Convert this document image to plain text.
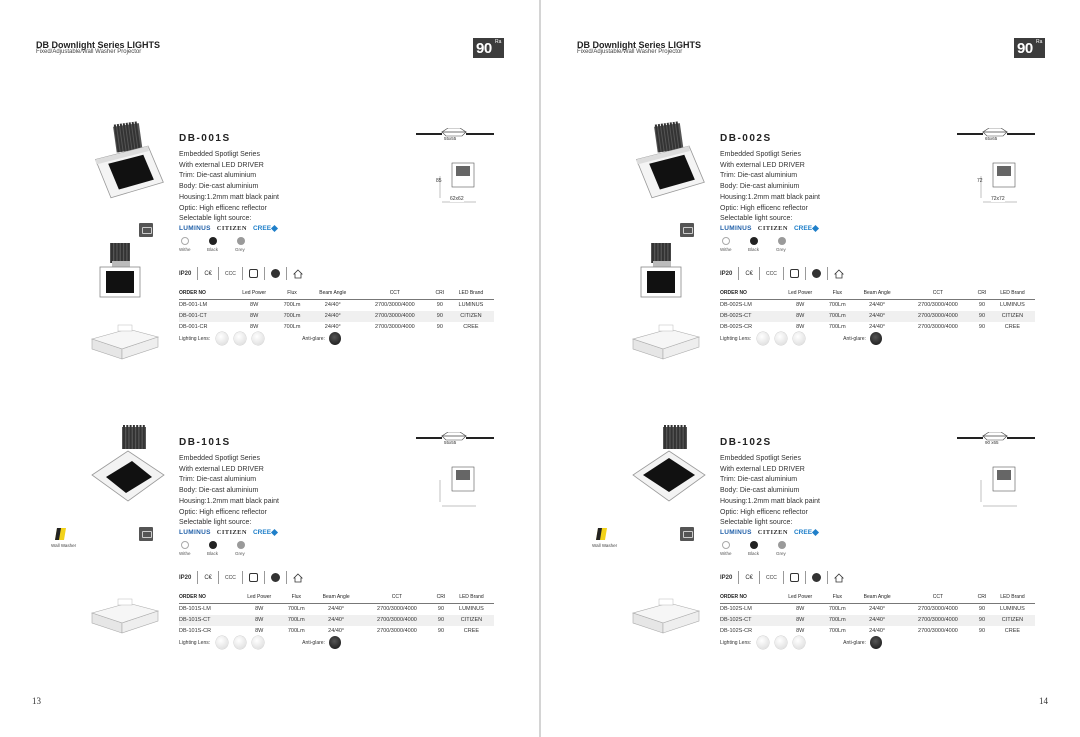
DB Downlight Series LIGHTS
Fixed/Adjustable/Wall Washer Projector	90 Ra
13
55x55
85
62x62
DB-001S
Embedded Spotligt Series
With external LED DRIVER
Trim: Die-cast aluminium
Body: Die-cast aluminium
Housing:1.2mm matt black paint
Optic: High efficenc reflector
Selectable light source:
LUMINUS CITIZEN CREE
Withe	Black	Grey
IP20 C€	CCC
ORDER NO	Led Power	Flux	Beam Angle	CCT	CRI	LED Brand
DB-001-LM	8W	700Lm	24/40°	2700/3000/4000	90	LUMINUS
DB-001-CT	8W	700Lm	24/40°	2700/3000/4000	90	CITIZEN
DB-001-CR	8W	700Lm	24/40°	2700/3000/4000	90	CREE
Lighting Lens:	Anti-glare:
Wall Washer
55x55
DB-101S
Embedded Spotligt Series
With external LED DRIVER
Trim: Die-cast aluminium
Body: Die-cast aluminium
Housing:1.2mm matt black paint
Optic: High efficenc reflector
Selectable light source:
LUMINUS CITIZEN CREE
Withe	Black	Grey
IP20 C€	CCC
ORDER NO	Led Power	Flux	Beam Angle	CCT	CRI	LED Brand
DB-101S-LM	8W	700Lm	24/40°	2700/3000/4000	90	LUMINUS
DB-101S-CT	8W	700Lm	24/40°	2700/3000/4000	90	CITIZEN
DB-101S-CR	8W	700Lm	24/40°	2700/3000/4000	90	CREE
Lighting Lens:	Anti-glare:
DB Downlight Series LIGHTS
Fixed/Adjustable/Wall Washer Projector	90 Ra
14
65x65
72
72x72
DB-002S
Embedded Spotligt Series
With external LED DRIVER
Trim: Die-cast aluminium
Body: Die-cast aluminium
Housing:1.2mm matt black paint
Optic: High efficenc reflector
Selectable light source:
LUMINUS CITIZEN CREE
Withe	Black	Grey
IP20 C€	CCC
ORDER NO	Led Power	Flux	Beam Angle	CCT	CRI	LED Brand
DB-002S-LM	8W	700Lm	24/40°	2700/3000/4000	90	LUMINUS
DB-002S-CT	8W	700Lm	24/40°	2700/3000/4000	90	CITIZEN
DB-002S-CR	8W	700Lm	24/40°	2700/3000/4000	90	CREE
Lighting Lens:	Anti-glare:
Wall Washer
90 x65
DB-102S
Embedded Spotligt Series
With external LED DRIVER
Trim: Die-cast aluminium
Body: Die-cast aluminium
Housing:1.2mm matt black paint
Optic: High efficenc reflector
Selectable light source:
LUMINUS CITIZEN CREE
Withe	Black	Grey
IP20 C€	CCC
ORDER NO	Led Power	Flux	Beam Angle	CCT	CRI	LED Brand
DB-102S-LM	8W	700Lm	24/40°	2700/3000/4000	90	LUMINUS
DB-102S-CT	8W	700Lm	24/40°	2700/3000/4000	90	CITIZEN
DB-102S-CR	8W	700Lm	24/40°	2700/3000/4000	90	CREE
Lighting Lens:	Anti-glare:
